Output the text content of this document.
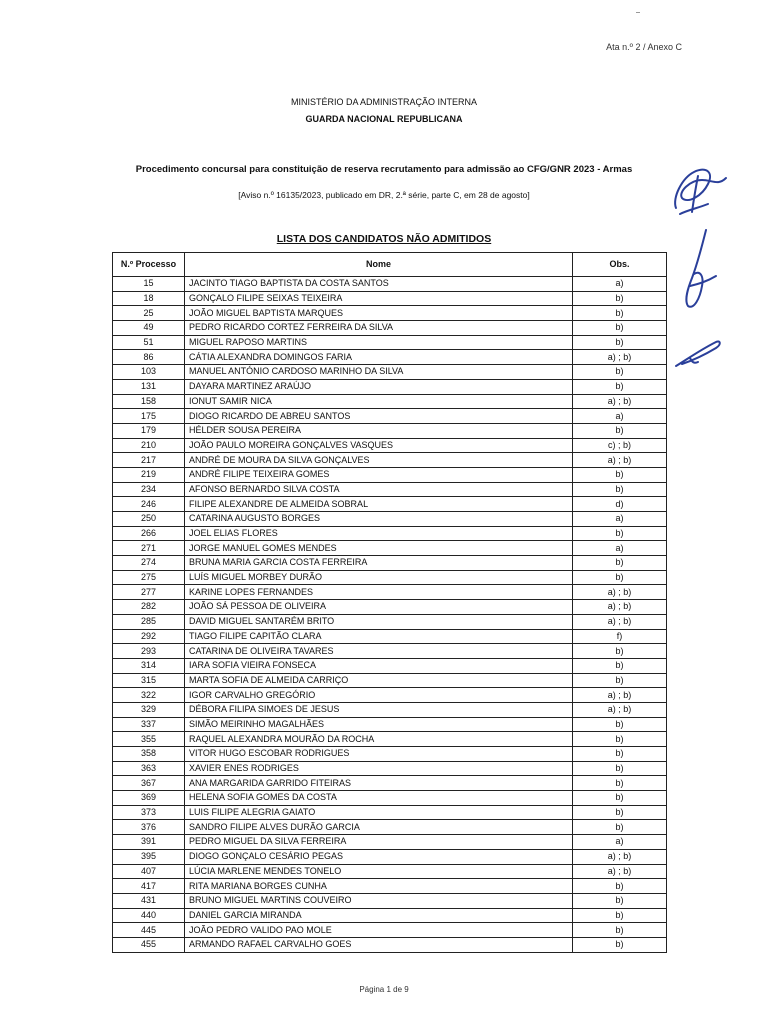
Ata n.º 2 / Anexo C
MINISTÉRIO DA ADMINISTRAÇÃO INTERNA
GUARDA NACIONAL REPUBLICANA
Procedimento concursal para constituição de reserva recrutamento para admissão ao CFG/GNR 2023 - Armas
[Aviso n.º 16135/2023, publicado em DR, 2.ª série, parte C, em 28 de agosto]
LISTA DOS CANDIDATOS NÃO ADMITIDOS
N.º Processo	Nome	Obs.
15	JACINTO TIAGO BAPTISTA DA COSTA SANTOS	a)
18	GONÇALO FILIPE SEIXAS TEIXEIRA	b)
25	JOÃO MIGUEL BAPTISTA MARQUES	b)
49	PEDRO RICARDO CORTEZ FERREIRA DA SILVA	b)
51	MIGUEL RAPOSO MARTINS	b)
86	CÁTIA ALEXANDRA DOMINGOS FARIA	a) ; b)
103	MANUEL ANTÓNIO CARDOSO MARINHO DA SILVA	b)
131	DAYARA MARTINEZ ARAÚJO	b)
158	IONUT SAMIR NICA	a) ; b)
175	DIOGO RICARDO DE ABREU SANTOS	a)
179	HÉLDER SOUSA PEREIRA	b)
210	JOÃO PAULO MOREIRA GONÇALVES VASQUES	c) ; b)
217	ANDRÉ DE MOURA DA SILVA GONÇALVES	a) ; b)
219	ANDRÉ FILIPE TEIXEIRA GOMES	b)
234	AFONSO BERNARDO SILVA COSTA	b)
246	FILIPE ALEXANDRE DE ALMEIDA SOBRAL	d)
250	CATARINA AUGUSTO BORGES	a)
266	JOEL ELIAS FLORES	b)
271	JORGE MANUEL GOMES MENDES	a)
274	BRUNA MARIA GARCIA COSTA FERREIRA	b)
275	LUÍS MIGUEL MORBEY DURÃO	b)
277	KARINE LOPES FERNANDES	a) ; b)
282	JOÃO SÁ PESSOA DE OLIVEIRA	a) ; b)
285	DAVID MIGUEL SANTARÉM BRITO	a) ; b)
292	TIAGO FILIPE CAPITÃO CLARA	f)
293	CATARINA DE OLIVEIRA TAVARES	b)
314	IARA SOFIA VIEIRA FONSECA	b)
315	MARTA SOFIA DE ALMEIDA CARRIÇO	b)
322	IGOR CARVALHO GREGÓRIO	a) ; b)
329	DÉBORA FILIPA SIMOES DE JESUS	a) ; b)
337	SIMÃO MEIRINHO MAGALHÃES	b)
355	RAQUEL ALEXANDRA MOURÃO DA ROCHA	b)
358	VITOR HUGO ESCOBAR RODRIGUES	b)
363	XAVIER ENES RODRIGES	b)
367	ANA MARGARIDA GARRIDO FITEIRAS	b)
369	HELENA SOFIA GOMES DA COSTA	b)
373	LUIS FILIPE ALEGRIA GAIATO	b)
376	SANDRO FILIPE ALVES DURÃO GARCIA	b)
391	PEDRO MIGUEL DA SILVA FERREIRA	a)
395	DIOGO GONÇALO CESÁRIO PEGAS	a) ; b)
407	LÚCIA MARLENE MENDES TONELO	a) ; b)
417	RITA MARIANA BORGES CUNHA	b)
431	BRUNO MIGUEL MARTINS COUVEIRO	b)
440	DANIEL GARCIA MIRANDA	b)
445	JOÃO PEDRO VALIDO PAO MOLE	b)
455	ARMANDO RAFAEL CARVALHO GOES	b)
Página 1 de 9
